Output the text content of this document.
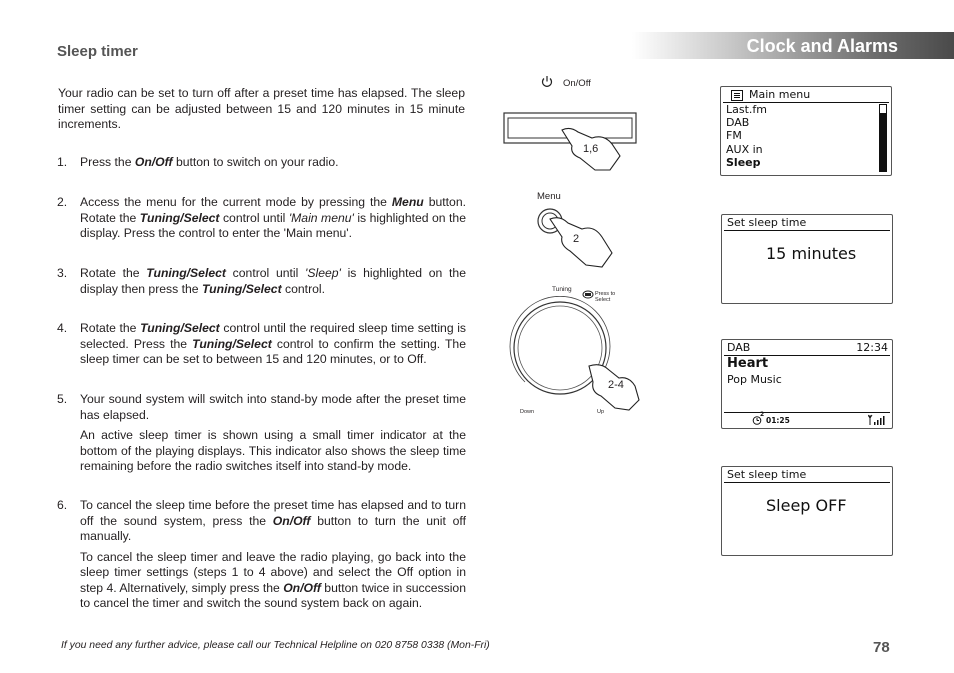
Clock and Alarms
Sleep timer
Your radio can be set to turn off after a preset time has elapsed. The sleep timer setting can be adjusted between 15 and 120 minutes in 15 minute increments.
1. Press the On/Off button to switch on your radio.

2. Access the menu for the current mode by pressing the Menu button. Rotate the Tuning/Select control until 'Main menu' is highlighted on the display. Press the control to enter the 'Main menu'.

3. Rotate the Tuning/Select control until 'Sleep' is highlighted on the display then press the Tuning/Select control.

4. Rotate the Tuning/Select control until the required sleep time setting is selected. Press the Tuning/Select control to confirm the setting. The sleep timer can be set to between 15 and 120 minutes, or to Off.

5. Your sound system will switch into stand-by mode after the preset time has elapsed.

An active sleep timer is shown using a small timer indicator at the bottom of the playing displays. This indicator also shows the sleep time remaining before the radio switches itself into stand-by mode.

6. To cancel the sleep time before the preset time has elapsed and to turn off the sound system, press the On/Off button to turn the unit off manually.

To cancel the sleep timer and leave the radio playing, go back into the sleep timer settings (steps 1 to 4 above) and select the Off option in step 4. Alternatively, simply press the On/Off button twice in succession to cancel the timer and switch the sound system back on again.

On/Off
1,6
Menu
2
Tuning
Press to
Select
Down	Up
2-4
Main menu
Last.fm
DAB
FM
AUX in
Sleep
Set sleep time
15 minutes
DAB	12:34
Heart
Pop Music
2
01:25
Set sleep time
Sleep OFF
If you need any further advice, please call our Technical Helpline on 020 8758 0338 (Mon-Fri)	78
